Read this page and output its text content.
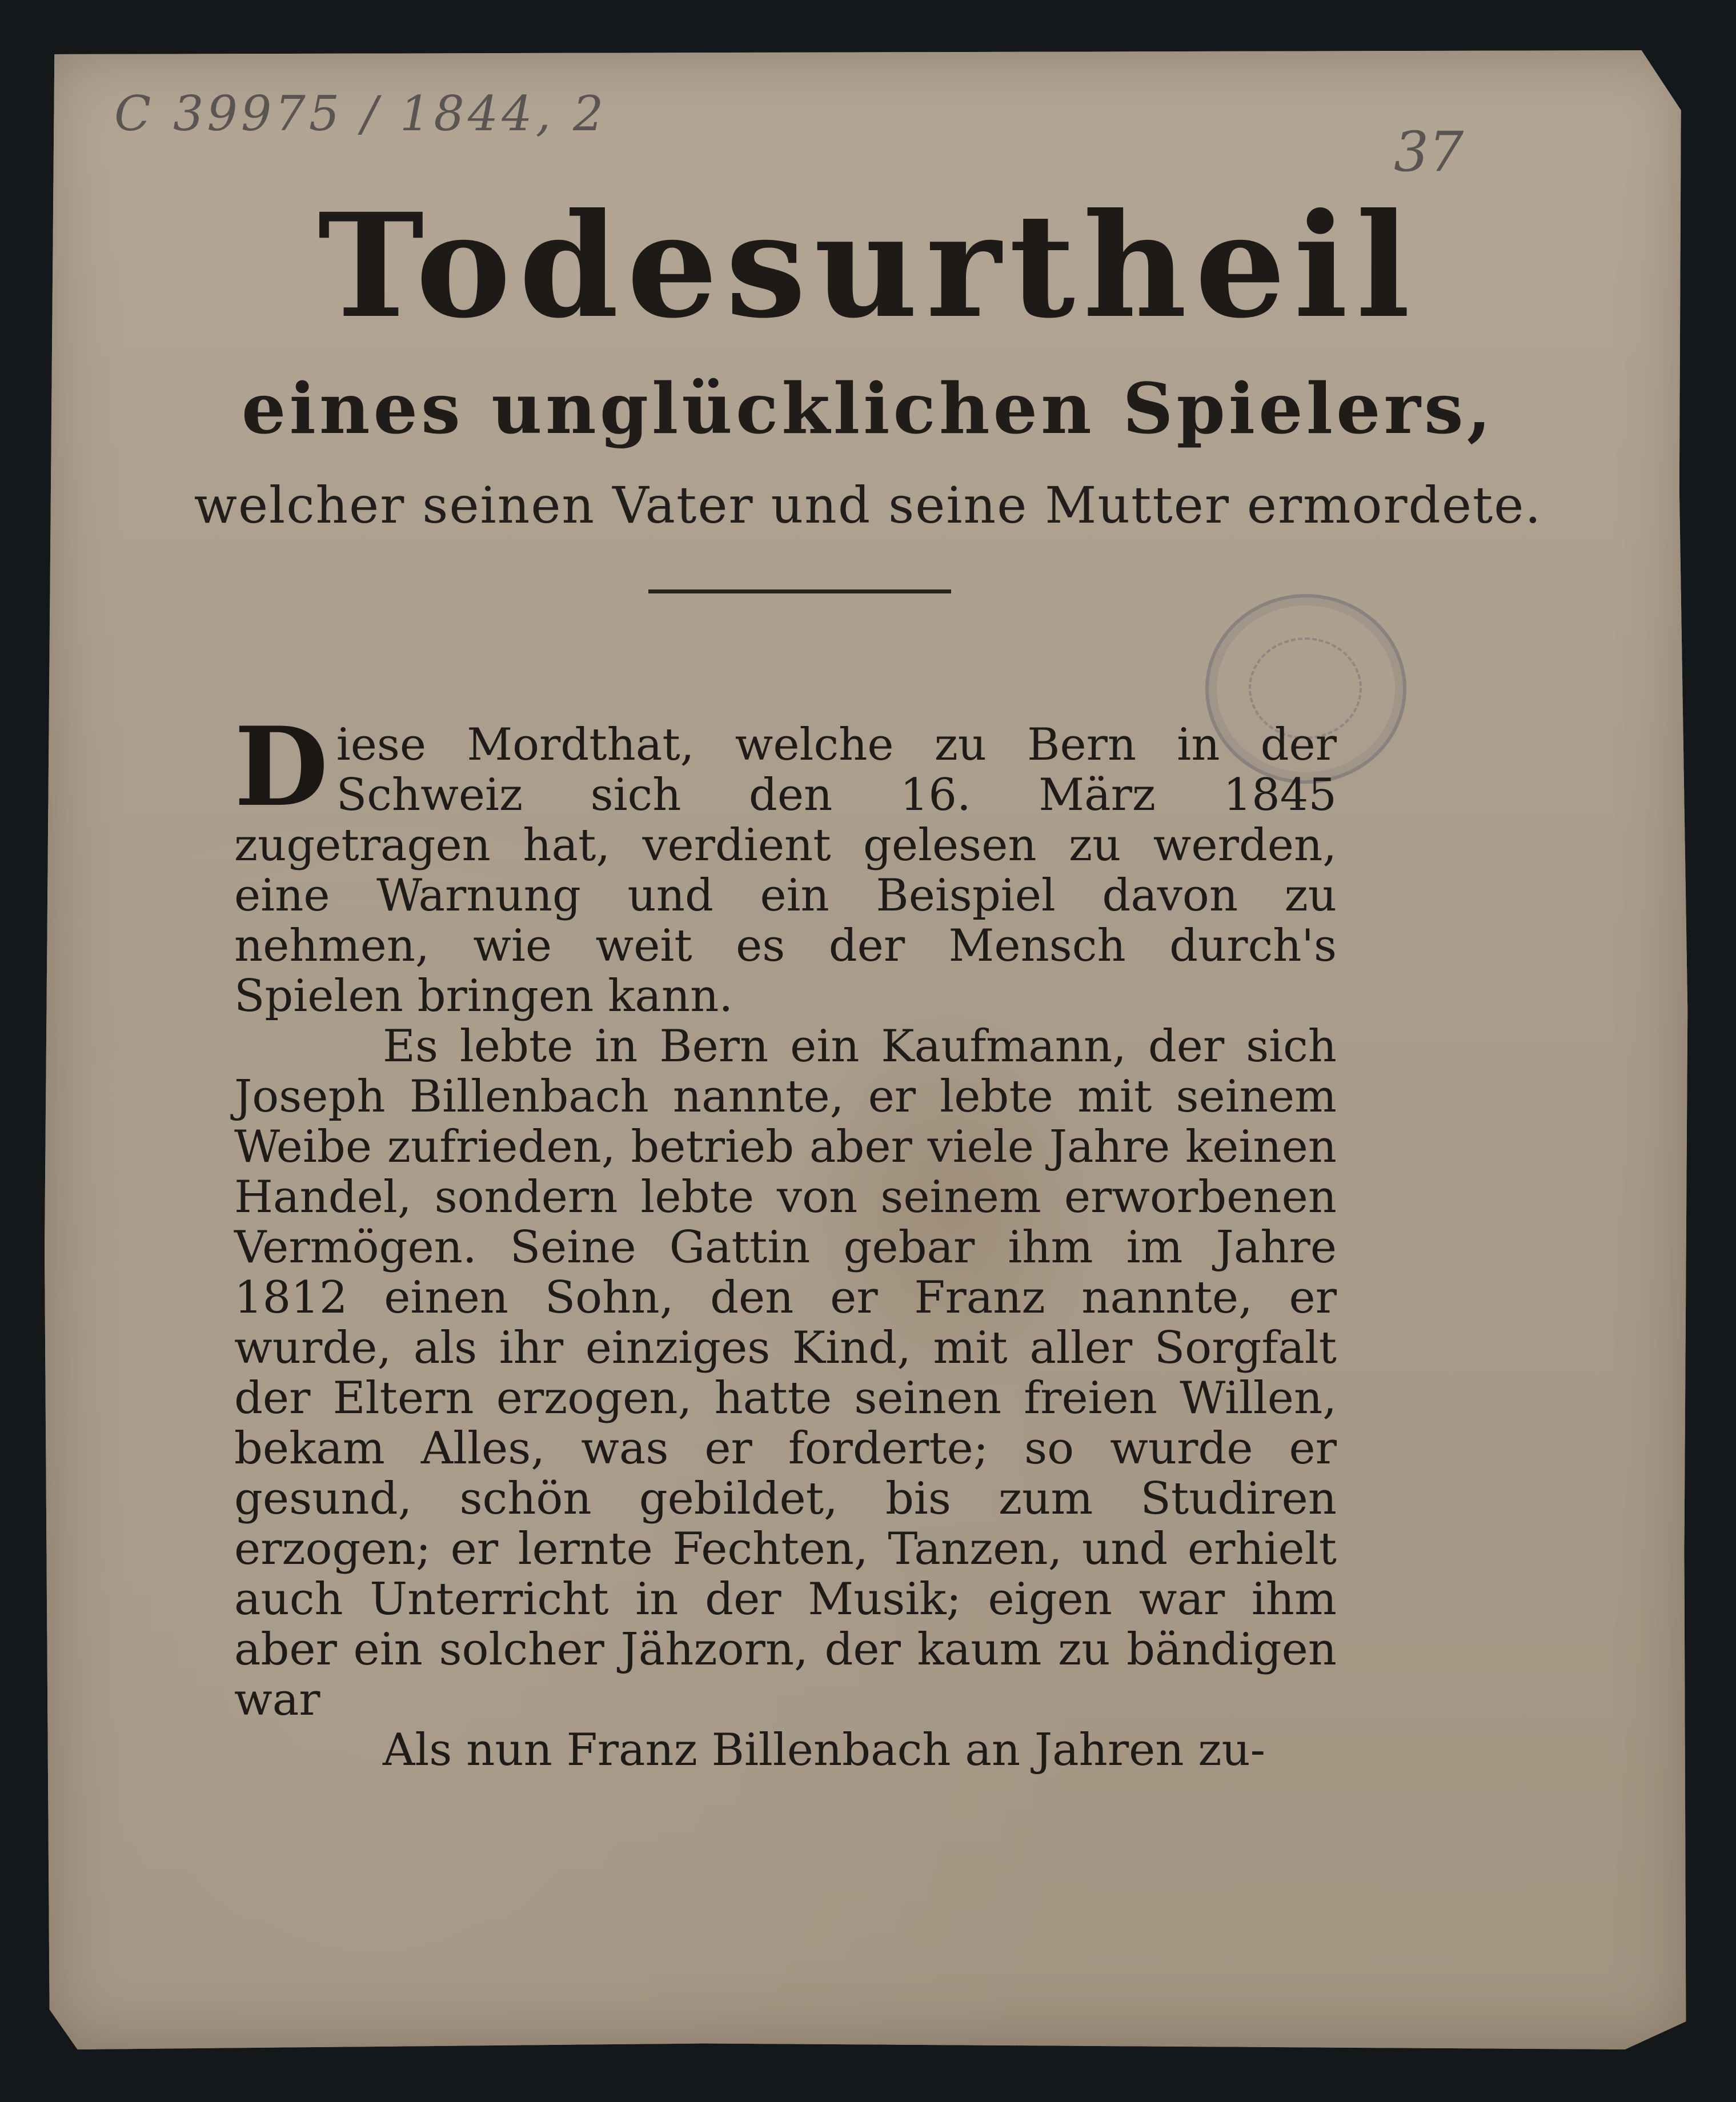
C 39975 / 1844, 2
37
Todesurtheil
eines unglücklichen Spielers,
welcher seinen Vater und seine Mutter ermordete.

Diese Mordthat, welche zu Bern in der Schweiz sich den 16. März 1845 zugetragen hat, verdient gelesen zu werden, eine Warnung und ein Beispiel davon zu nehmen, wie weit es der Mensch durch's Spielen bringen kann.

Es lebte in Bern ein Kaufmann, der sich Joseph Billenbach nannte, er lebte mit seinem Weibe zufrieden, betrieb aber viele Jahre keinen Handel, sondern lebte von seinem erworbenen Vermögen. Seine Gattin gebar ihm im Jahre 1812 einen Sohn, den er Franz nannte, er wurde, als ihr einziges Kind, mit aller Sorgfalt der Eltern erzogen, hatte seinen freien Willen, bekam Alles, was er forderte; so wurde er gesund, schön gebildet, bis zum Studiren erzogen; er lernte Fechten, Tanzen, und erhielt auch Unterricht in der Musik; eigen war ihm aber ein solcher Jähzorn, der kaum zu bändigen war

Als nun Franz Billenbach an Jahren zu-
